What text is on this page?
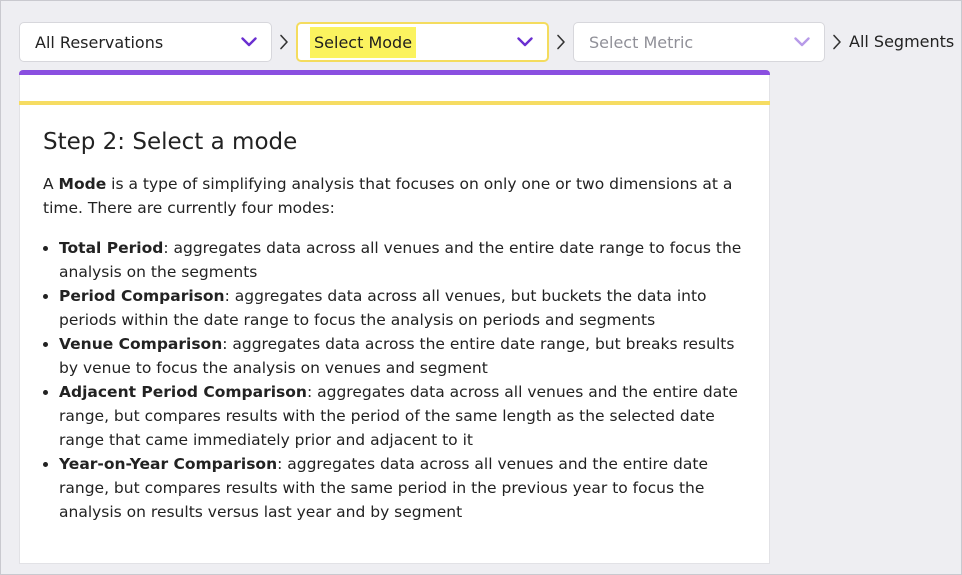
All Reservations	Select Mode	Select Metric	All Segments
Step 2: Select a mode

A Mode is a type of simplifying analysis that focuses on only one or two dimensions at a time. There are currently four modes:

• Total Period: aggregates data across all venues and the entire date range to focus the analysis on the segments
• Period Comparison: aggregates data across all venues, but buckets the data into periods within the date range to focus the analysis on periods and segments
• Venue Comparison: aggregates data across the entire date range, but breaks results by venue to focus the analysis on venues and segment
• Adjacent Period Comparison: aggregates data across all venues and the entire date range, but compares results with the period of the same length as the selected date range that came immediately prior and adjacent to it
• Year-on-Year Comparison: aggregates data across all venues and the entire date range, but compares results with the same period in the previous year to focus the analysis on results versus last year and by segment
